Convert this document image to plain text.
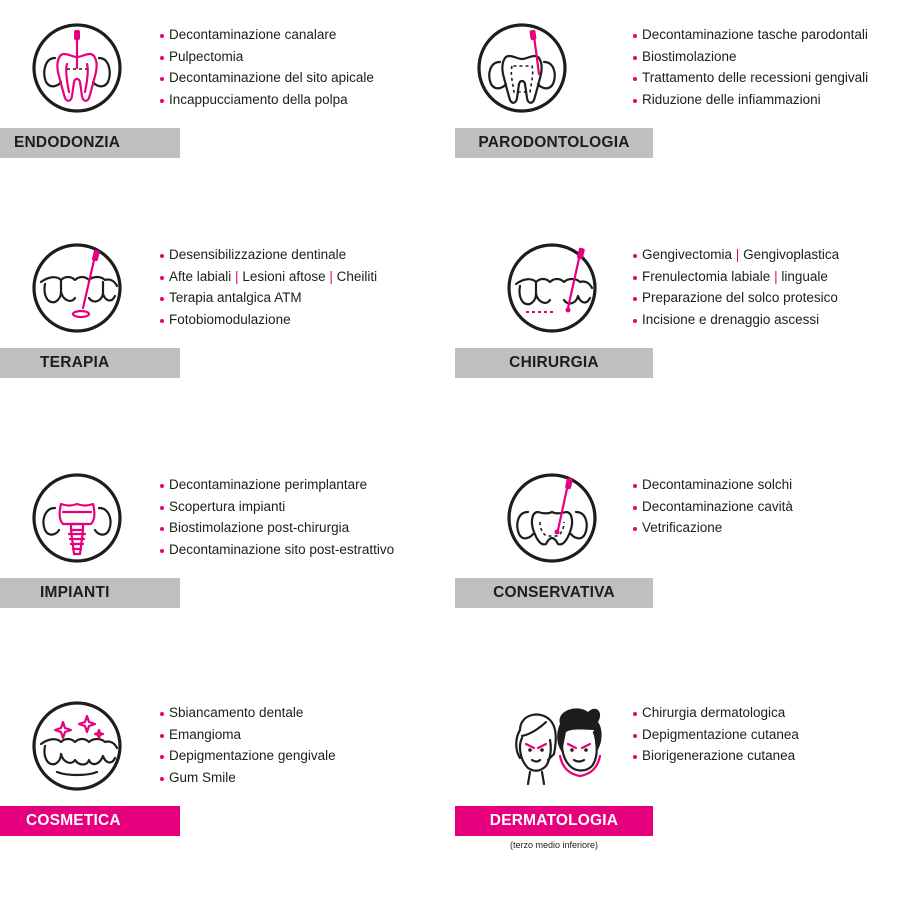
Decontaminazione canalare
Pulpectomia
Decontaminazione del sito apicale
Incappucciamento della polpa
ENDODONZIA
Decontaminazione tasche parodontali
Biostimolazione
Trattamento delle recessioni gengivali
Riduzione delle infiammazioni
PARODONTOLOGIA
Desensibilizzazione dentinale
Afte labiali | Lesioni aftose | Cheiliti
Terapia antalgica ATM
Fotobiomodulazione
TERAPIA
Gengivectomia | Gengivoplastica
Frenulectomia labiale | linguale
Preparazione del solco protesico
Incisione e drenaggio ascessi
CHIRURGIA
Decontaminazione perimplantare
Scopertura impianti
Biostimolazione post-chirurgia
Decontaminazione sito post-estrattivo
IMPIANTI
Decontaminazione solchi
Decontaminazione cavità
Vetrificazione
CONSERVATIVA
Sbiancamento dentale
Emangioma
Depigmentazione gengivale
Gum Smile
COSMETICA
Chirurgia dermatologica
Depigmentazione cutanea
Biorigenerazione cutanea
DERMATOLOGIA
(terzo medio inferiore)
